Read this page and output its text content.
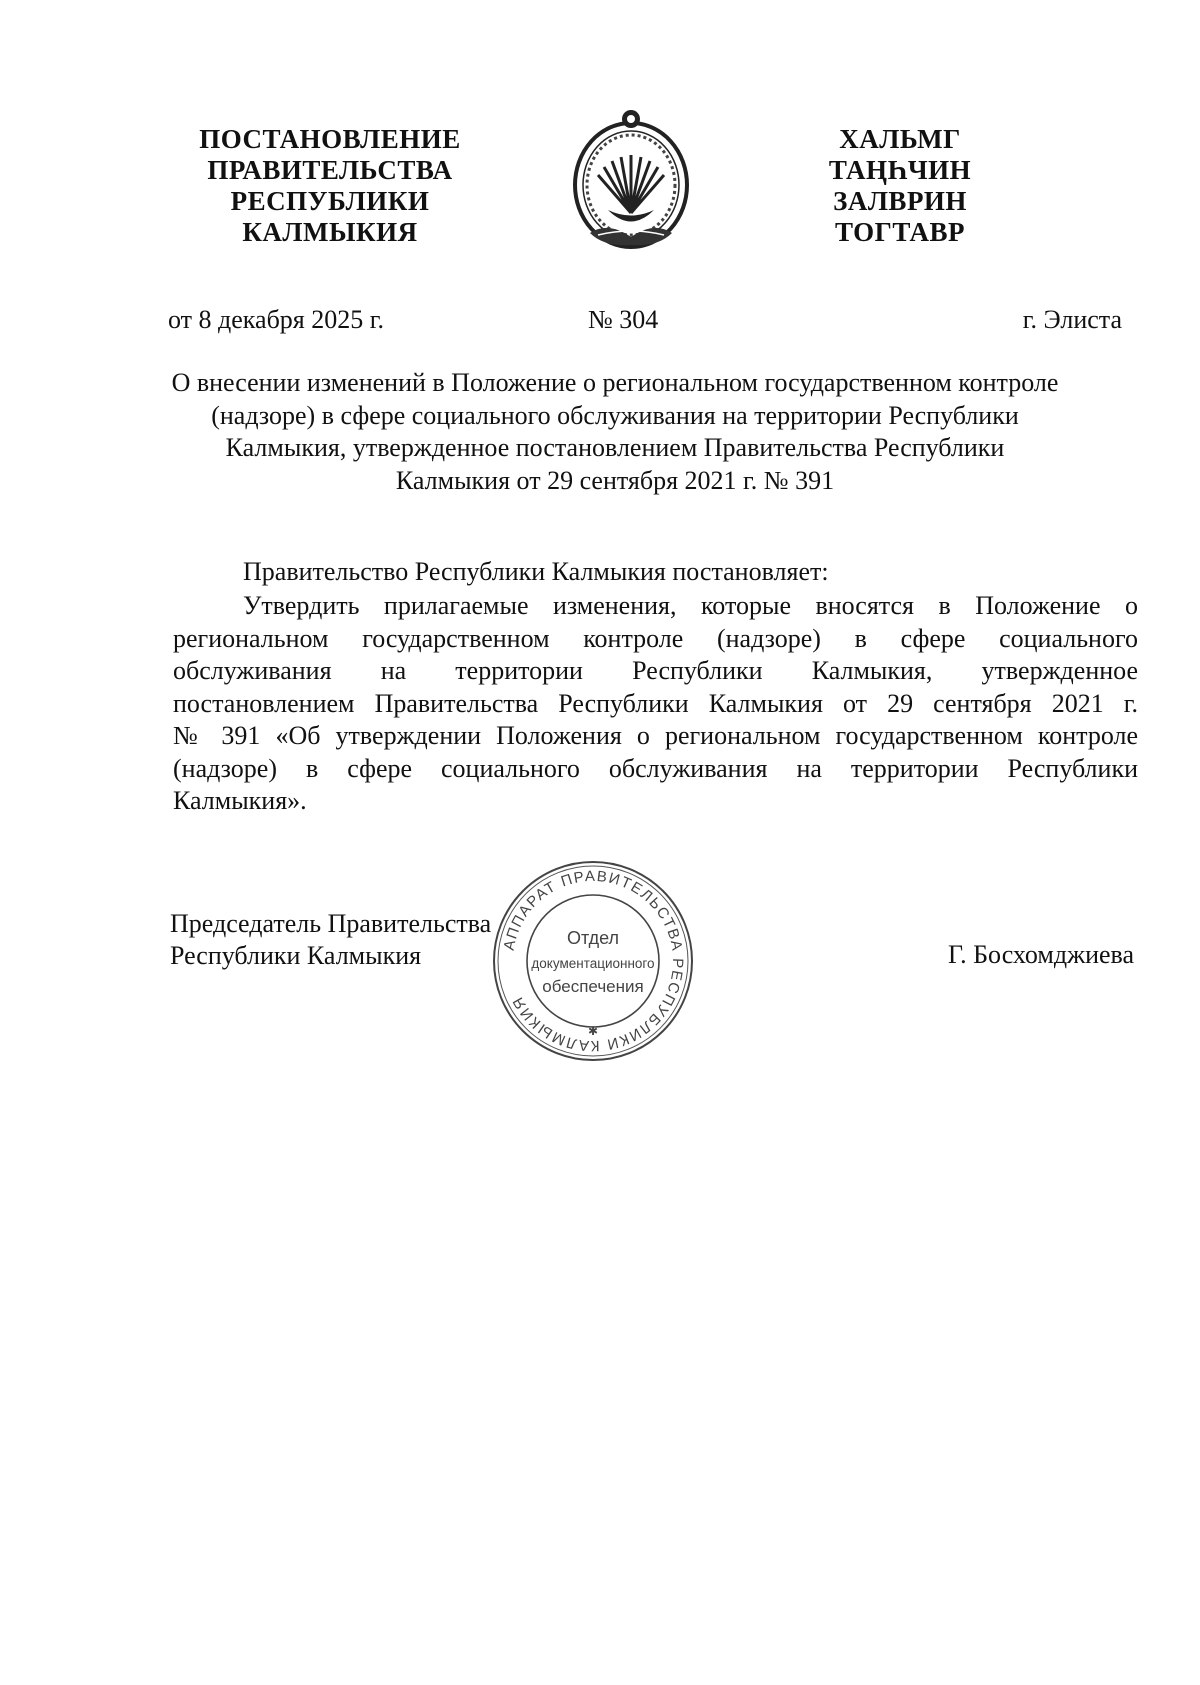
ПОСТАНОВЛЕНИЕ
ПРАВИТЕЛЬСТВА
РЕСПУБЛИКИ
КАЛМЫКИЯ
ХАЛЬМГ
ТАҢҺЧИН
ЗАЛВРИН
ТОГТАВР
от 8 декабря 2025 г.	№ 304	г. Элиста
О внесении изменений в Положение о региональном государственном контроле
(надзоре) в сфере социального обслуживания на территории Республики
Калмыкия, утвержденное постановлением Правительства Республики
Калмыкия от 29 сентября 2021 г. № 391
Правительство Республики Калмыкия постановляет:
Утвердить прилагаемые изменения, которые вносятся в Положение о
региональном государственном контроле (надзоре) в сфере социального
обслуживания на территории Республики Калмыкия, утвержденное
постановлением Правительства Республики Калмыкия от 29 сентября 2021 г.
№ 391 «Об утверждении Положения о региональном государственном контроле
(надзоре) в сфере социального обслуживания на территории Республики
Калмыкия».
Председатель Правительства
Республики Калмыкия	АППАРАТ ПРАВИТЕЛЬСТВА РЕСПУБЛИКИ КАЛМЫКИЯ
Отдел
документационного
обеспечения
✱
Г. Босхомджиева
